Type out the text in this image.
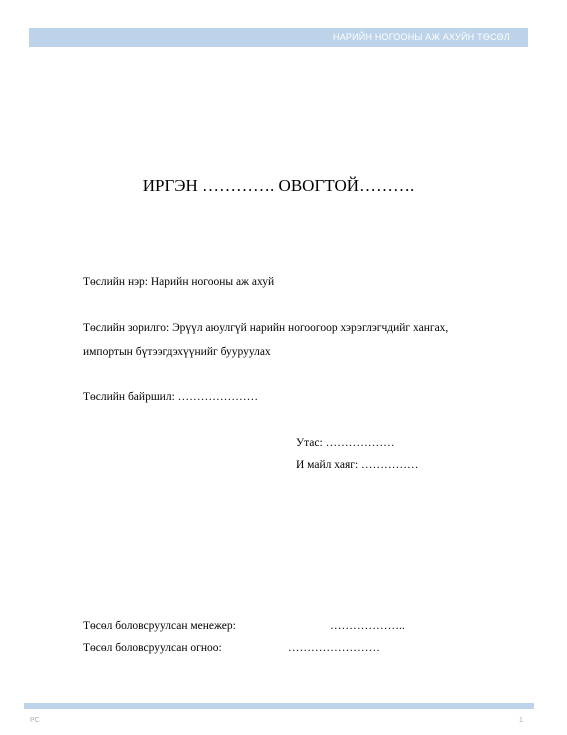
НАРИЙН НОГООНЫ АЖ АХУЙН ТӨСӨЛ
ИРГЭН …………. ОВОГТОЙ……….
Төслийн нэр: Нарийн ногооны аж ахуй
Төслийн зорилго: Эрүүл аюулгүй нарийн ногоогоор хэрэглэгчдийг хангах,
импортын бүтээгдэхүүнийг бууруулах
Төслийн байршил: …………………
Утас: ………………
И майл хаяг: ……………
Төсөл боловсруулсан менежер:	………………..
Төсөл боловсруулсан огноо:	……………………
PC	1
